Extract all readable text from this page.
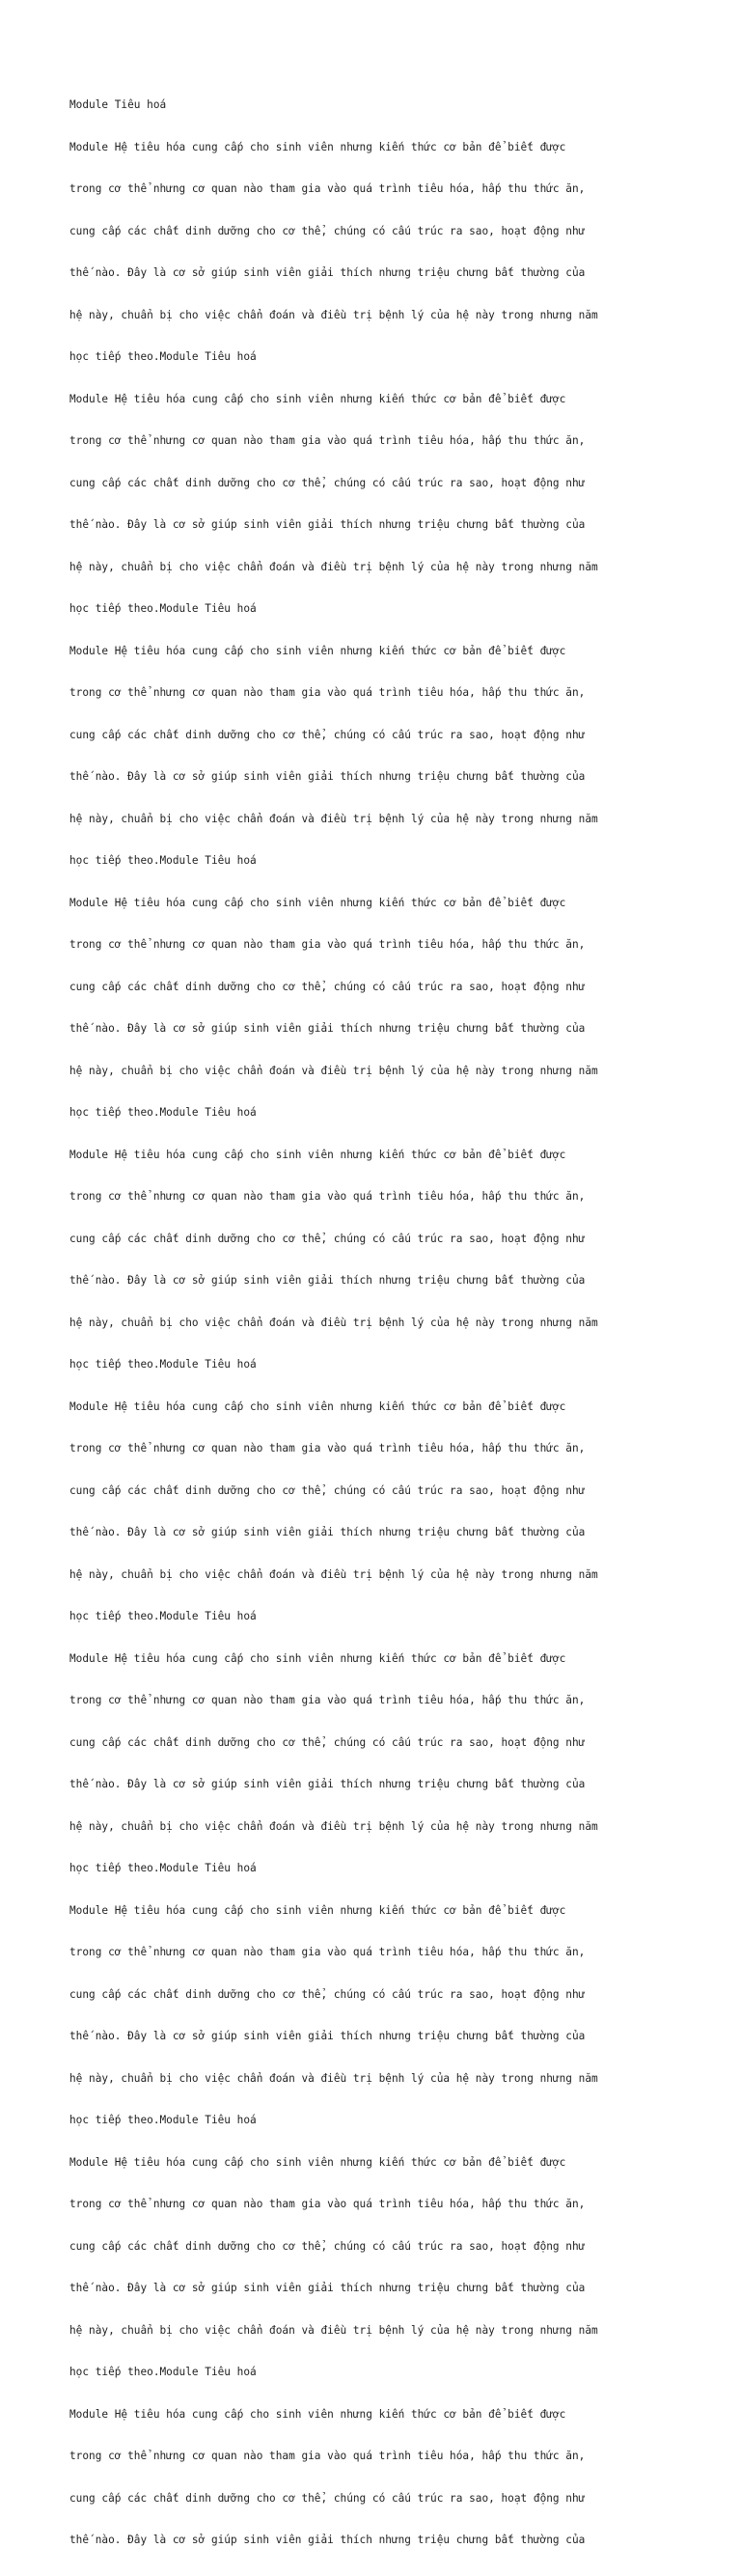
Module Tiêu hoá

Module Hệ tiêu hóa cung cấp cho sinh viên nhưng kiến thức cơ bản để biết được

trong cơ thể nhưng cơ quan nào tham gia vào quá trình tiêu hóa, hấp thu thức ăn,

cung cấp các chất dinh dưỡng cho cơ thể, chúng có cấu trúc ra sao, hoạt động như

thế nào. Đây là cơ sở giúp sinh viên giải thích nhưng triệu chưng bất thường của

hệ này, chuẩn bị cho việc chẩn đoán và điều trị bệnh lý của hệ này trong nhưng năm

học tiếp theo.Module Tiêu hoá

Module Hệ tiêu hóa cung cấp cho sinh viên nhưng kiến thức cơ bản để biết được

trong cơ thể nhưng cơ quan nào tham gia vào quá trình tiêu hóa, hấp thu thức ăn,

cung cấp các chất dinh dưỡng cho cơ thể, chúng có cấu trúc ra sao, hoạt động như

thế nào. Đây là cơ sở giúp sinh viên giải thích nhưng triệu chưng bất thường của

hệ này, chuẩn bị cho việc chẩn đoán và điều trị bệnh lý của hệ này trong nhưng năm

học tiếp theo.Module Tiêu hoá

Module Hệ tiêu hóa cung cấp cho sinh viên nhưng kiến thức cơ bản để biết được

trong cơ thể nhưng cơ quan nào tham gia vào quá trình tiêu hóa, hấp thu thức ăn,

cung cấp các chất dinh dưỡng cho cơ thể, chúng có cấu trúc ra sao, hoạt động như

thế nào. Đây là cơ sở giúp sinh viên giải thích nhưng triệu chưng bất thường của

hệ này, chuẩn bị cho việc chẩn đoán và điều trị bệnh lý của hệ này trong nhưng năm

học tiếp theo.Module Tiêu hoá

Module Hệ tiêu hóa cung cấp cho sinh viên nhưng kiến thức cơ bản để biết được

trong cơ thể nhưng cơ quan nào tham gia vào quá trình tiêu hóa, hấp thu thức ăn,

cung cấp các chất dinh dưỡng cho cơ thể, chúng có cấu trúc ra sao, hoạt động như

thế nào. Đây là cơ sở giúp sinh viên giải thích nhưng triệu chưng bất thường của

hệ này, chuẩn bị cho việc chẩn đoán và điều trị bệnh lý của hệ này trong nhưng năm

học tiếp theo.Module Tiêu hoá

Module Hệ tiêu hóa cung cấp cho sinh viên nhưng kiến thức cơ bản để biết được

trong cơ thể nhưng cơ quan nào tham gia vào quá trình tiêu hóa, hấp thu thức ăn,

cung cấp các chất dinh dưỡng cho cơ thể, chúng có cấu trúc ra sao, hoạt động như

thế nào. Đây là cơ sở giúp sinh viên giải thích nhưng triệu chưng bất thường của

hệ này, chuẩn bị cho việc chẩn đoán và điều trị bệnh lý của hệ này trong nhưng năm

học tiếp theo.Module Tiêu hoá

Module Hệ tiêu hóa cung cấp cho sinh viên nhưng kiến thức cơ bản để biết được

trong cơ thể nhưng cơ quan nào tham gia vào quá trình tiêu hóa, hấp thu thức ăn,

cung cấp các chất dinh dưỡng cho cơ thể, chúng có cấu trúc ra sao, hoạt động như

thế nào. Đây là cơ sở giúp sinh viên giải thích nhưng triệu chưng bất thường của

hệ này, chuẩn bị cho việc chẩn đoán và điều trị bệnh lý của hệ này trong nhưng năm

học tiếp theo.Module Tiêu hoá

Module Hệ tiêu hóa cung cấp cho sinh viên nhưng kiến thức cơ bản để biết được

trong cơ thể nhưng cơ quan nào tham gia vào quá trình tiêu hóa, hấp thu thức ăn,

cung cấp các chất dinh dưỡng cho cơ thể, chúng có cấu trúc ra sao, hoạt động như

thế nào. Đây là cơ sở giúp sinh viên giải thích nhưng triệu chưng bất thường của

hệ này, chuẩn bị cho việc chẩn đoán và điều trị bệnh lý của hệ này trong nhưng năm

học tiếp theo.Module Tiêu hoá

Module Hệ tiêu hóa cung cấp cho sinh viên nhưng kiến thức cơ bản để biết được

trong cơ thể nhưng cơ quan nào tham gia vào quá trình tiêu hóa, hấp thu thức ăn,

cung cấp các chất dinh dưỡng cho cơ thể, chúng có cấu trúc ra sao, hoạt động như

thế nào. Đây là cơ sở giúp sinh viên giải thích nhưng triệu chưng bất thường của

hệ này, chuẩn bị cho việc chẩn đoán và điều trị bệnh lý của hệ này trong nhưng năm

học tiếp theo.Module Tiêu hoá

Module Hệ tiêu hóa cung cấp cho sinh viên nhưng kiến thức cơ bản để biết được

trong cơ thể nhưng cơ quan nào tham gia vào quá trình tiêu hóa, hấp thu thức ăn,

cung cấp các chất dinh dưỡng cho cơ thể, chúng có cấu trúc ra sao, hoạt động như

thế nào. Đây là cơ sở giúp sinh viên giải thích nhưng triệu chưng bất thường của

hệ này, chuẩn bị cho việc chẩn đoán và điều trị bệnh lý của hệ này trong nhưng năm

học tiếp theo.Module Tiêu hoá

Module Hệ tiêu hóa cung cấp cho sinh viên nhưng kiến thức cơ bản để biết được

trong cơ thể nhưng cơ quan nào tham gia vào quá trình tiêu hóa, hấp thu thức ăn,

cung cấp các chất dinh dưỡng cho cơ thể, chúng có cấu trúc ra sao, hoạt động như

thế nào. Đây là cơ sở giúp sinh viên giải thích nhưng triệu chưng bất thường của
